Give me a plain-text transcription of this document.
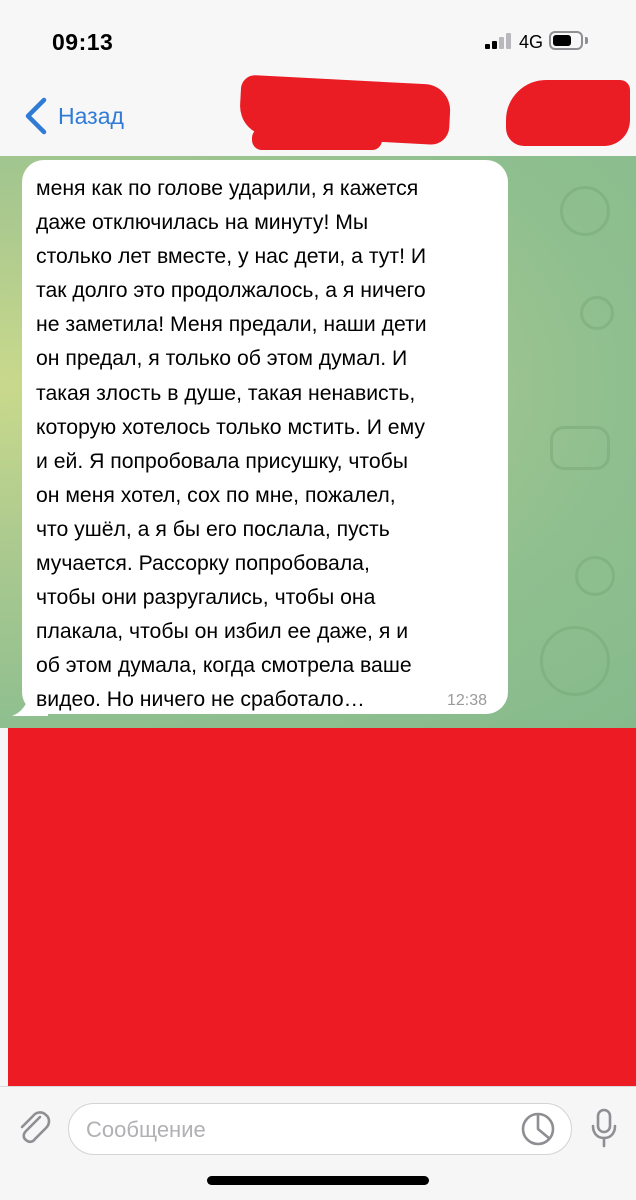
09:13	4G
Назад
меня как по голове ударили, я кажется
даже отключилась на минуту! Мы
столько лет вместе, у нас дети, а тут! И
так долго это продолжалось, а я ничего
не заметила! Меня предали, наши дети
он предал, я только об этом думал. И
такая злость в душе, такая ненависть,
которую хотелось только мстить. И ему
и ей. Я попробовала присушку, чтобы
он меня хотел, сох по мне, пожалел,
что ушёл, а я бы его послала, пусть
мучается. Рассорку попробовала,
чтобы они разругались, чтобы она
плакала, чтобы он избил ее даже, я и
об этом думала, когда смотрела ваше
видео. Но ничего не сработало…	12:38
Сообщение
